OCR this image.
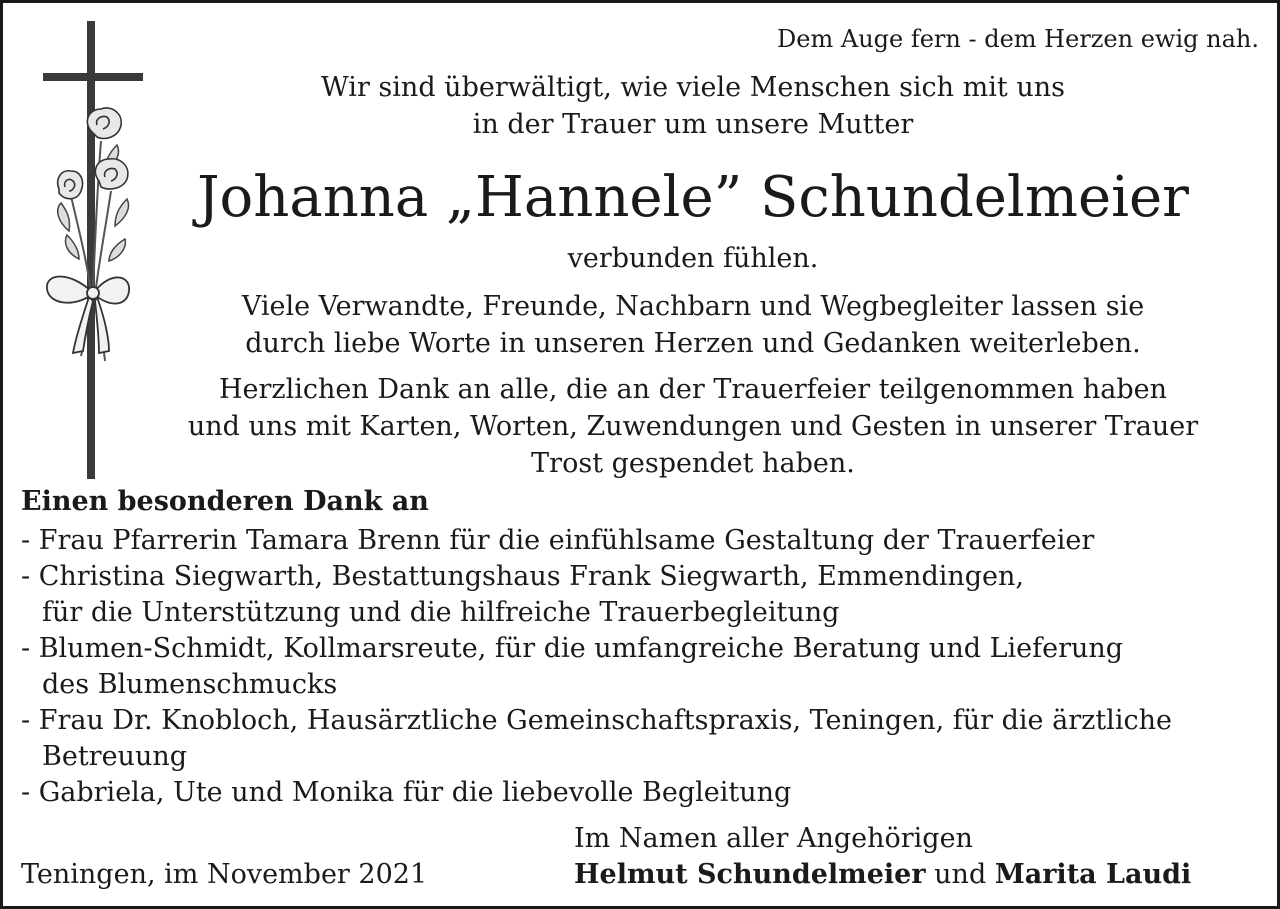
Dem Auge fern - dem Herzen ewig nah.
Wir sind überwältigt, wie viele Menschen sich mit uns
in der Trauer um unsere Mutter
Johanna „Hannele” Schundelmeier
verbunden fühlen.
Viele Verwandte, Freunde, Nachbarn und Wegbegleiter lassen sie
durch liebe Worte in unseren Herzen und Gedanken weiterleben.
Herzlichen Dank an alle, die an der Trauerfeier teilgenommen haben
und uns mit Karten, Worten, Zuwendungen und Gesten in unserer Trauer
Trost gespendet haben.
Einen besonderen Dank an
- Frau Pfarrerin Tamara Brenn für die einfühlsame Gestaltung der Trauerfeier
- Christina Siegwarth, Bestattungshaus Frank Siegwarth, Emmendingen,
für die Unterstützung und die hilfreiche Trauerbegleitung
- Blumen-Schmidt, Kollmarsreute, für die umfangreiche Beratung und Lieferung
des Blumenschmucks
- Frau Dr. Knobloch, Hausärztliche Gemeinschaftspraxis, Teningen, für die ärztliche
Betreuung
- Gabriela, Ute und Monika für die liebevolle Begleitung
Im Namen aller Angehörigen
Teningen, im November 2021	Helmut Schundelmeier und Marita Laudi
